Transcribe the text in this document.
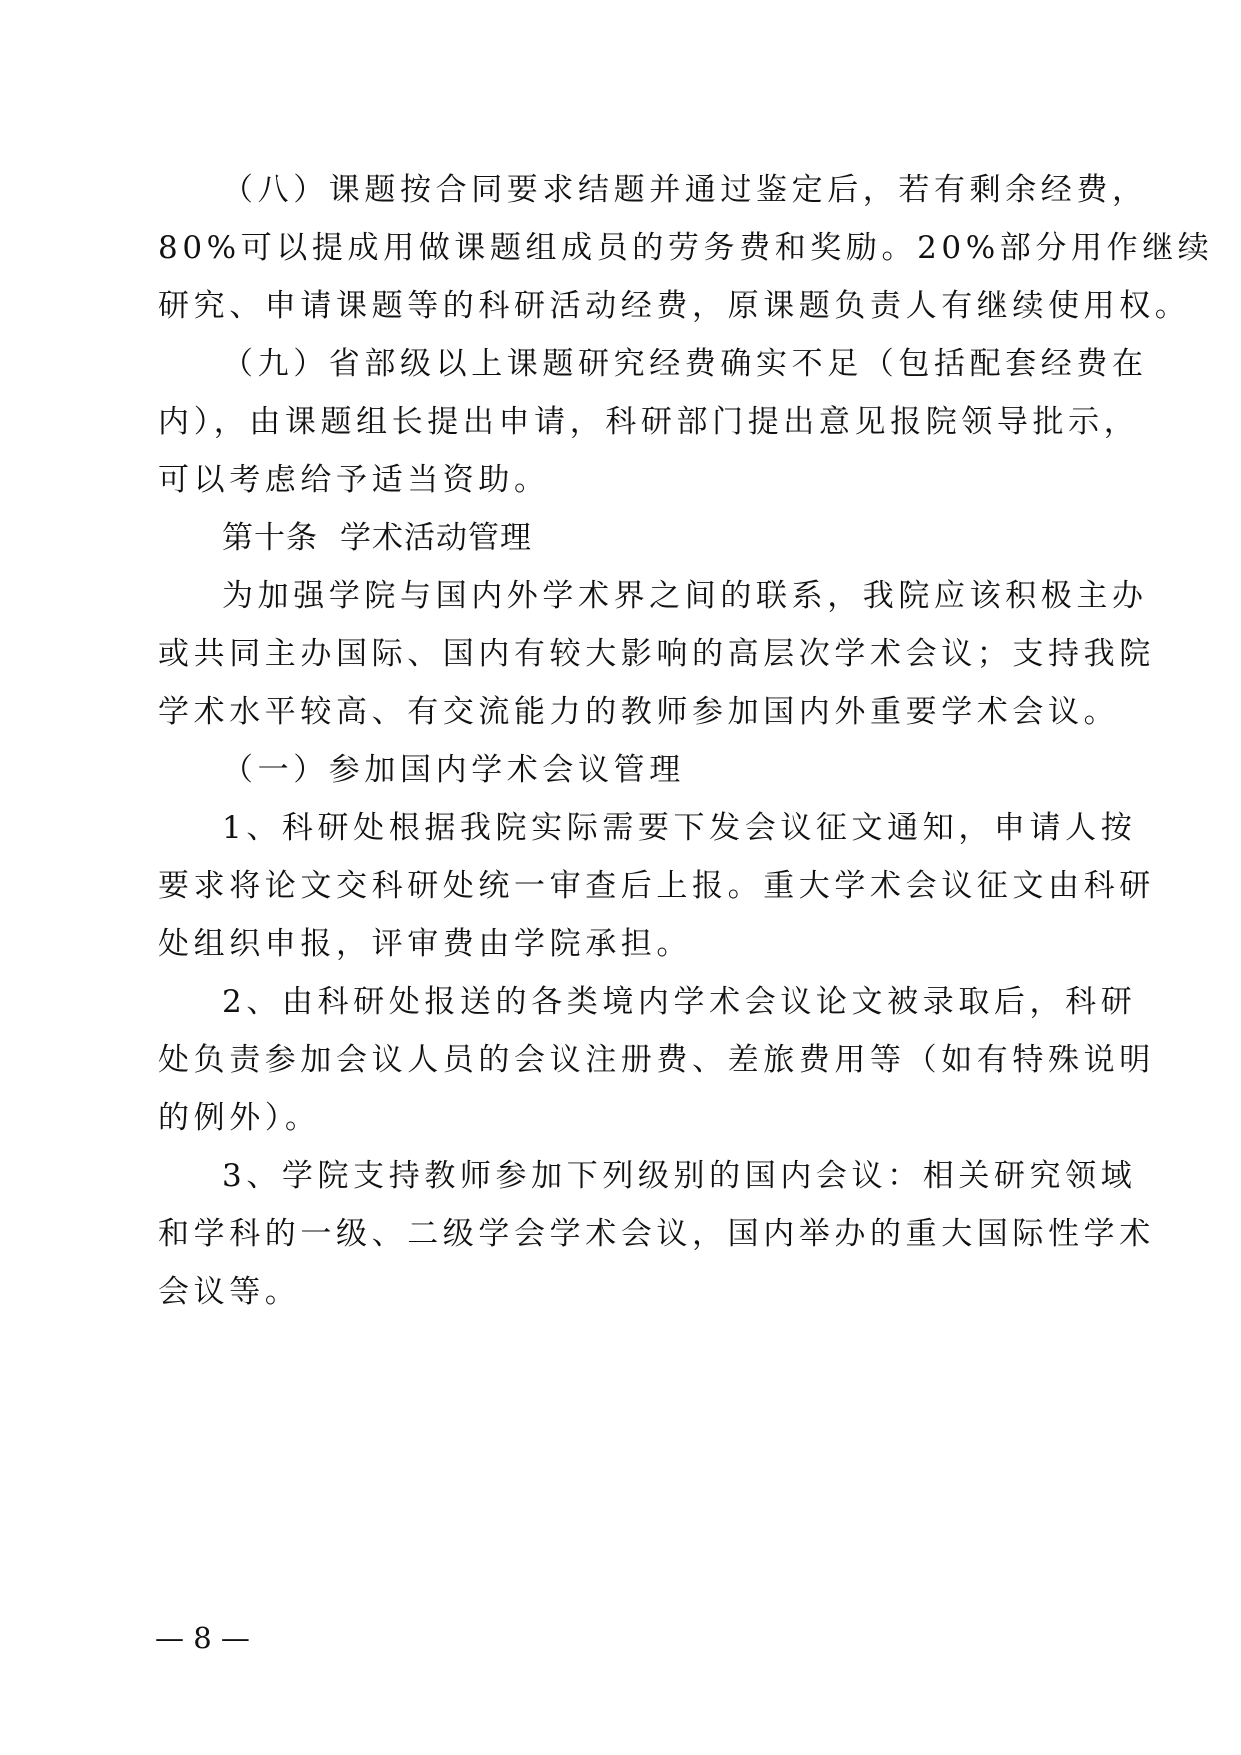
（八）课题按合同要求结题并通过鉴定后，若有剩余经费，
80%可以提成用做课题组成员的劳务费和奖励。20%部分用作继续
研究、申请课题等的科研活动经费，原课题负责人有继续使用权。
（九）省部级以上课题研究经费确实不足（包括配套经费在
内），由课题组长提出申请，科研部门提出意见报院领导批示，
可以考虑给予适当资助。
第十条 学术活动管理
为加强学院与国内外学术界之间的联系，我院应该积极主办
或共同主办国际、国内有较大影响的高层次学术会议；支持我院
学术水平较高、有交流能力的教师参加国内外重要学术会议。
（一）参加国内学术会议管理
1、科研处根据我院实际需要下发会议征文通知，申请人按
要求将论文交科研处统一审查后上报。重大学术会议征文由科研
处组织申报，评审费由学院承担。
2、由科研处报送的各类境内学术会议论文被录取后，科研
处负责参加会议人员的会议注册费、差旅费用等（如有特殊说明
的例外）。
3、学院支持教师参加下列级别的国内会议：相关研究领域
和学科的一级、二级学会学术会议，国内举办的重大国际性学术
会议等。
— 8 —
